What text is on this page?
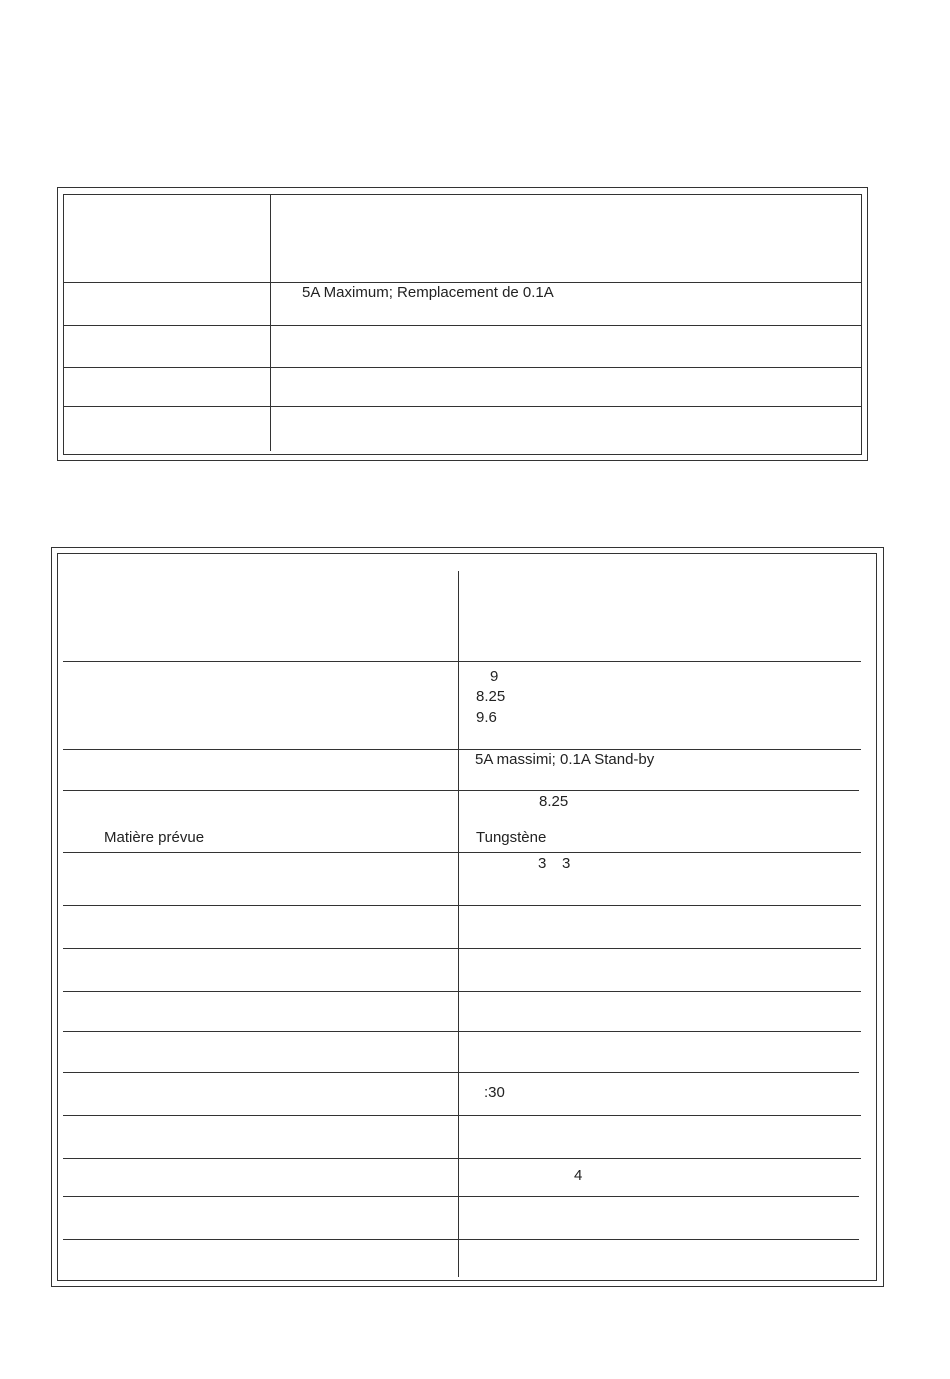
5A Maximum; Remplacement de 0.1A
9
8.25
9.6
5A massimi; 0.1A Stand-by
8.25
Matière prévue	Tungstène
3 3
:30
4
